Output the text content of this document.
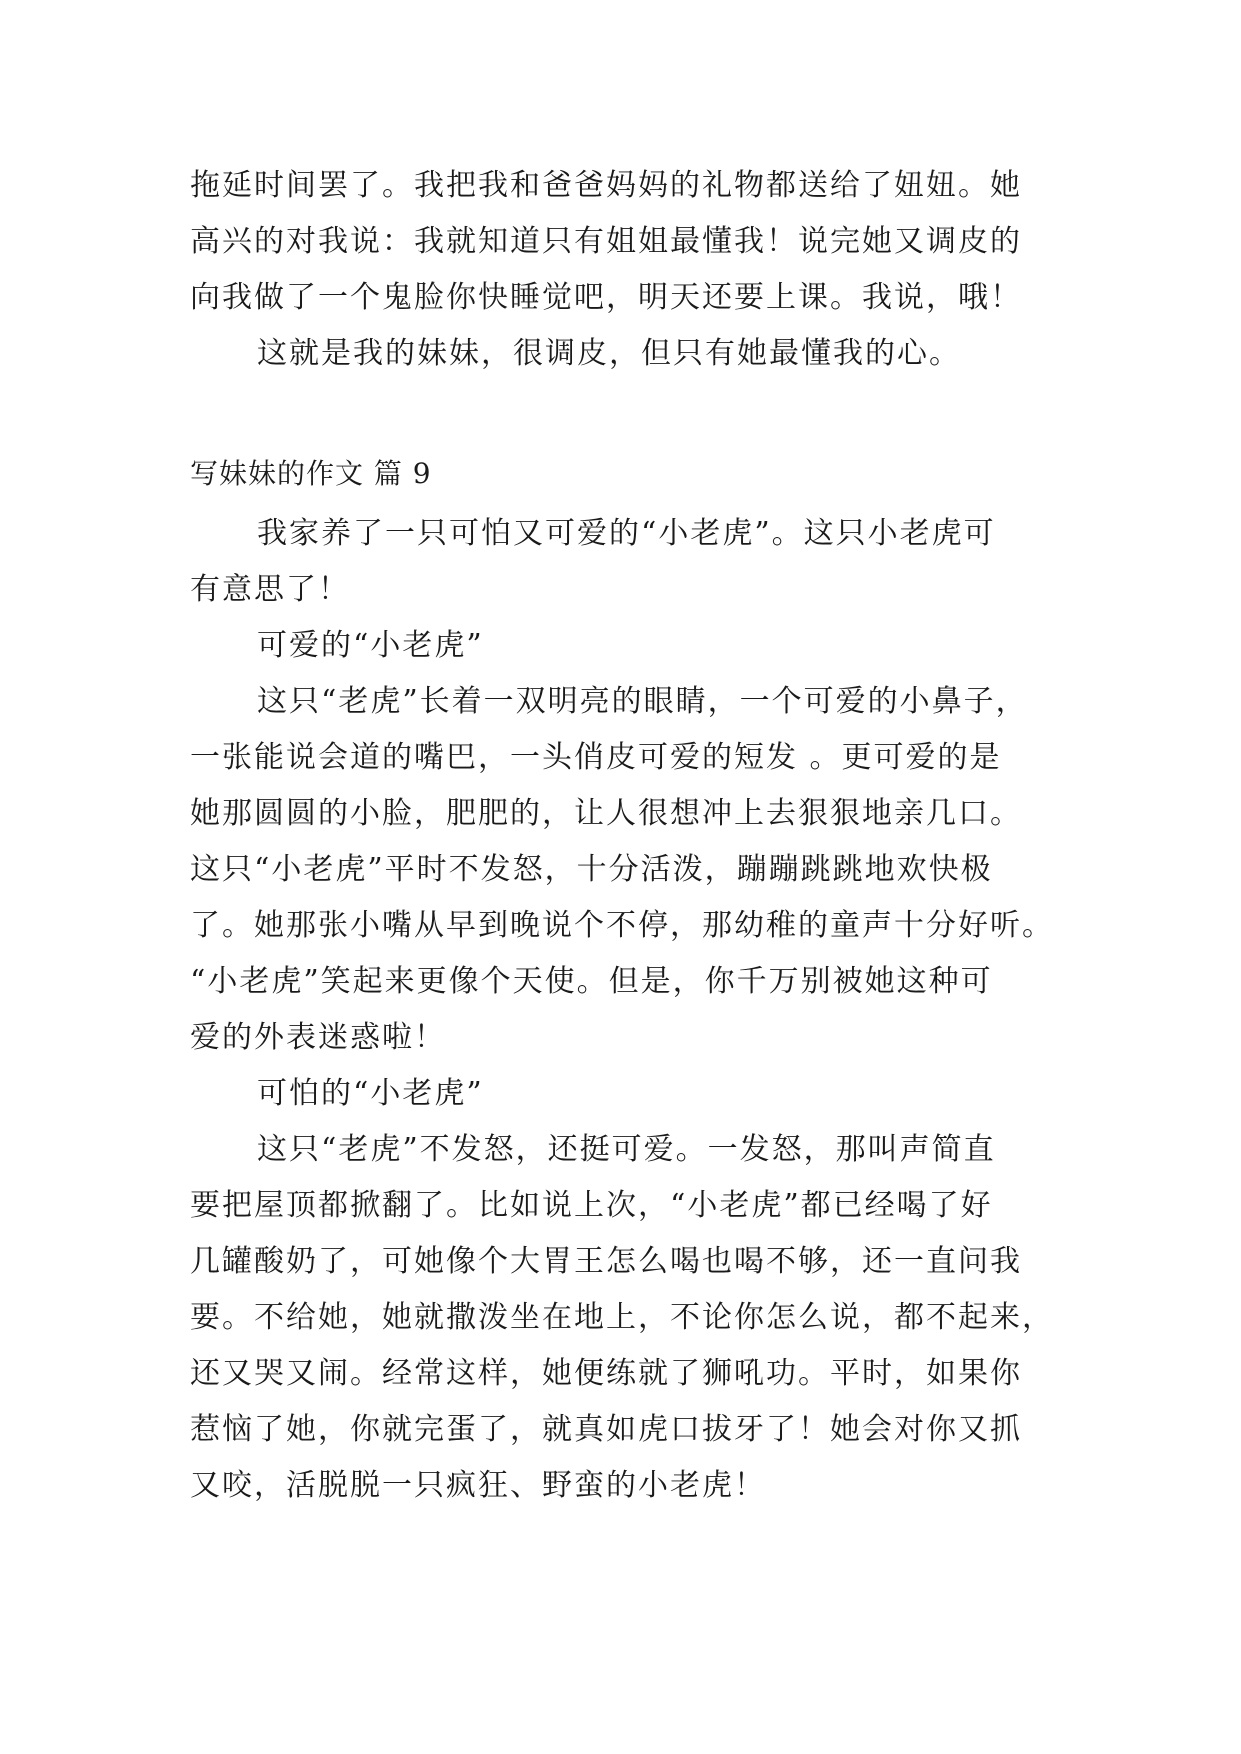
拖延时间罢了。我把我和爸爸妈妈的礼物都送给了妞妞。她
高兴的对我说：我就知道只有姐姐最懂我！说完她又调皮的
向我做了一个鬼脸你快睡觉吧，明天还要上课。我说，哦！
这就是我的妹妹，很调皮，但只有她最懂我的心。
写妹妹的作文 篇 9
我家养了一只可怕又可爱的“小老虎”。这只小老虎可
有意思了！
可爱的“小老虎”
这只“老虎”长着一双明亮的眼睛，一个可爱的小鼻子，
一张能说会道的嘴巴，一头俏皮可爱的短发 。更可爱的是
她那圆圆的小脸，肥肥的，让人很想冲上去狠狠地亲几口。
这只“小老虎”平时不发怒，十分活泼，蹦蹦跳跳地欢快极
了。她那张小嘴从早到晚说个不停，那幼稚的童声十分好听。
“小老虎”笑起来更像个天使。但是，你千万别被她这种可
爱的外表迷惑啦！
可怕的“小老虎”
这只“老虎”不发怒，还挺可爱。一发怒，那叫声简直
要把屋顶都掀翻了。比如说上次，“小老虎”都已经喝了好
几罐酸奶了，可她像个大胃王怎么喝也喝不够，还一直问我
要。不给她，她就撒泼坐在地上，不论你怎么说，都不起来，
还又哭又闹。经常这样，她便练就了狮吼功。平时，如果你
惹恼了她，你就完蛋了，就真如虎口拔牙了！她会对你又抓
又咬，活脱脱一只疯狂、野蛮的小老虎！
